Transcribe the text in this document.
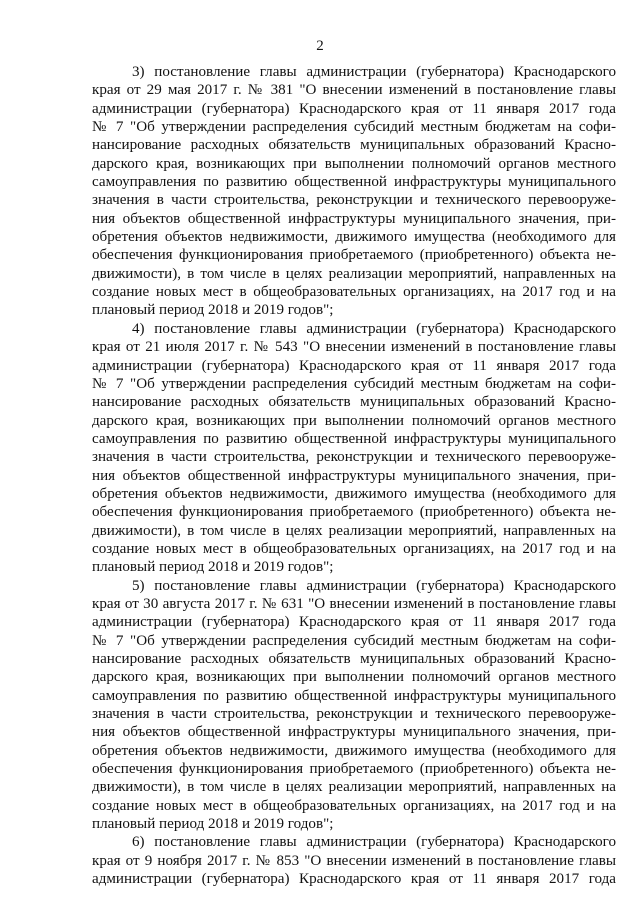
2
3) постановление главы администрации (губернатора) Краснодарского
края от 29 мая 2017 г. № 381 "О внесении изменений в постановление главы
администрации (губернатора) Краснодарского края от 11 января 2017 года
№ 7 "Об утверждении распределения субсидий местным бюджетам на софи-
нансирование расходных обязательств муниципальных образований Красно-
дарского края, возникающих при выполнении полномочий органов местного
самоуправления по развитию общественной инфраструктуры муниципального
значения в части строительства, реконструкции и технического перевооруже-
ния объектов общественной инфраструктуры муниципального значения, при-
обретения объектов недвижимости, движимого имущества (необходимого для
обеспечения функционирования приобретаемого (приобретенного) объекта не-
движимости), в том числе в целях реализации мероприятий, направленных на
создание новых мест в общеобразовательных организациях, на 2017 год и на
плановый период 2018 и 2019 годов";
4) постановление главы администрации (губернатора) Краснодарского
края от 21 июля 2017 г. № 543 "О внесении изменений в постановление главы
администрации (губернатора) Краснодарского края от 11 января 2017 года
№ 7 "Об утверждении распределения субсидий местным бюджетам на софи-
нансирование расходных обязательств муниципальных образований Красно-
дарского края, возникающих при выполнении полномочий органов местного
самоуправления по развитию общественной инфраструктуры муниципального
значения в части строительства, реконструкции и технического перевооруже-
ния объектов общественной инфраструктуры муниципального значения, при-
обретения объектов недвижимости, движимого имущества (необходимого для
обеспечения функционирования приобретаемого (приобретенного) объекта не-
движимости), в том числе в целях реализации мероприятий, направленных на
создание новых мест в общеобразовательных организациях, на 2017 год и на
плановый период 2018 и 2019 годов";
5) постановление главы администрации (губернатора) Краснодарского
края от 30 августа 2017 г. № 631 "О внесении изменений в постановление главы
администрации (губернатора) Краснодарского края от 11 января 2017 года
№ 7 "Об утверждении распределения субсидий местным бюджетам на софи-
нансирование расходных обязательств муниципальных образований Красно-
дарского края, возникающих при выполнении полномочий органов местного
самоуправления по развитию общественной инфраструктуры муниципального
значения в части строительства, реконструкции и технического перевооруже-
ния объектов общественной инфраструктуры муниципального значения, при-
обретения объектов недвижимости, движимого имущества (необходимого для
обеспечения функционирования приобретаемого (приобретенного) объекта не-
движимости), в том числе в целях реализации мероприятий, направленных на
создание новых мест в общеобразовательных организациях, на 2017 год и на
плановый период 2018 и 2019 годов";
6) постановление главы администрации (губернатора) Краснодарского
края от 9 ноября 2017 г. № 853 "О внесении изменений в постановление главы
администрации (губернатора) Краснодарского края от 11 января 2017 года
